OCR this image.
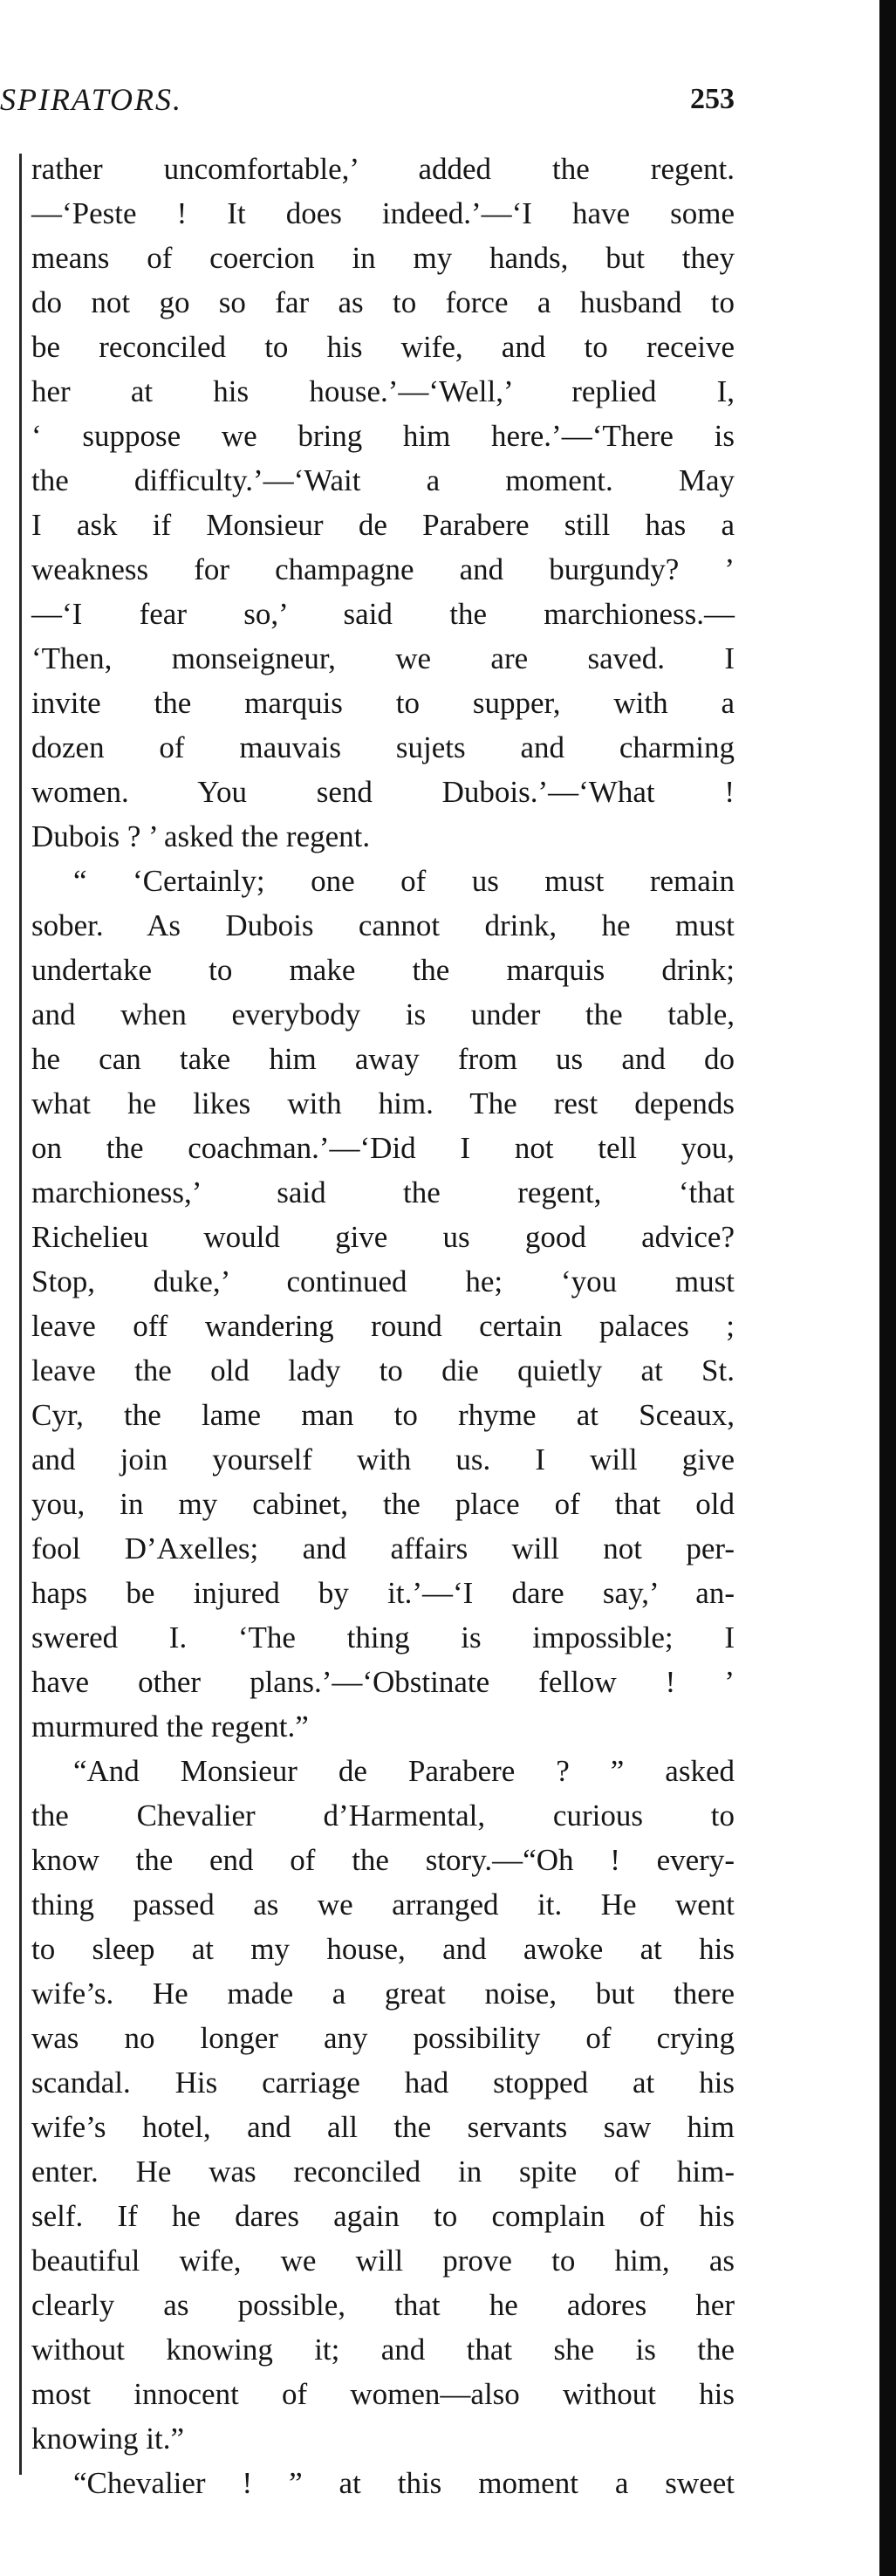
SPIRATORS.	253
rather uncomfortable,’ added the regent.
—‘Peste ! It does indeed.’—‘I have some
means of coercion in my hands, but they
do not go so far as to force a husband to
be reconciled to his wife, and to receive
her at his house.’—‘Well,’ replied I,
‘ suppose we bring him here.’—‘There is
the difficulty.’—‘Wait a moment. May
I ask if Monsieur de Parabere still has a
weakness for champagne and burgundy? ’
—‘I fear so,’ said the marchioness.—
‘Then, monseigneur, we are saved. I
invite the marquis to supper, with a
dozen of mauvais sujets and charming
women. You send Dubois.’—‘What !
Dubois ? ’ asked the regent.
“ ‘Certainly; one of us must remain
sober. As Dubois cannot drink, he must
undertake to make the marquis drink;
and when everybody is under the table,
he can take him away from us and do
what he likes with him. The rest depends
on the coachman.’—‘Did I not tell you,
marchioness,’ said the regent, ‘that
Richelieu would give us good advice?
Stop, duke,’ continued he; ‘you must
leave off wandering round certain palaces ;
leave the old lady to die quietly at St.
Cyr, the lame man to rhyme at Sceaux,
and join yourself with us. I will give
you, in my cabinet, the place of that old
fool D’Axelles; and affairs will not per-
haps be injured by it.’—‘I dare say,’ an-
swered I. ‘The thing is impossible; I
have other plans.’—‘Obstinate fellow ! ’
murmured the regent.”
“And Monsieur de Parabere ? ” asked
the Chevalier d’Harmental, curious to
know the end of the story.—“Oh ! every-
thing passed as we arranged it. He went
to sleep at my house, and awoke at his
wife’s. He made a great noise, but there
was no longer any possibility of crying
scandal. His carriage had stopped at his
wife’s hotel, and all the servants saw him
enter. He was reconciled in spite of him-
self. If he dares again to complain of his
beautiful wife, we will prove to him, as
clearly as possible, that he adores her
without knowing it; and that she is the
most innocent of women—also without his
knowing it.”
“Chevalier ! ” at this moment a sweet
